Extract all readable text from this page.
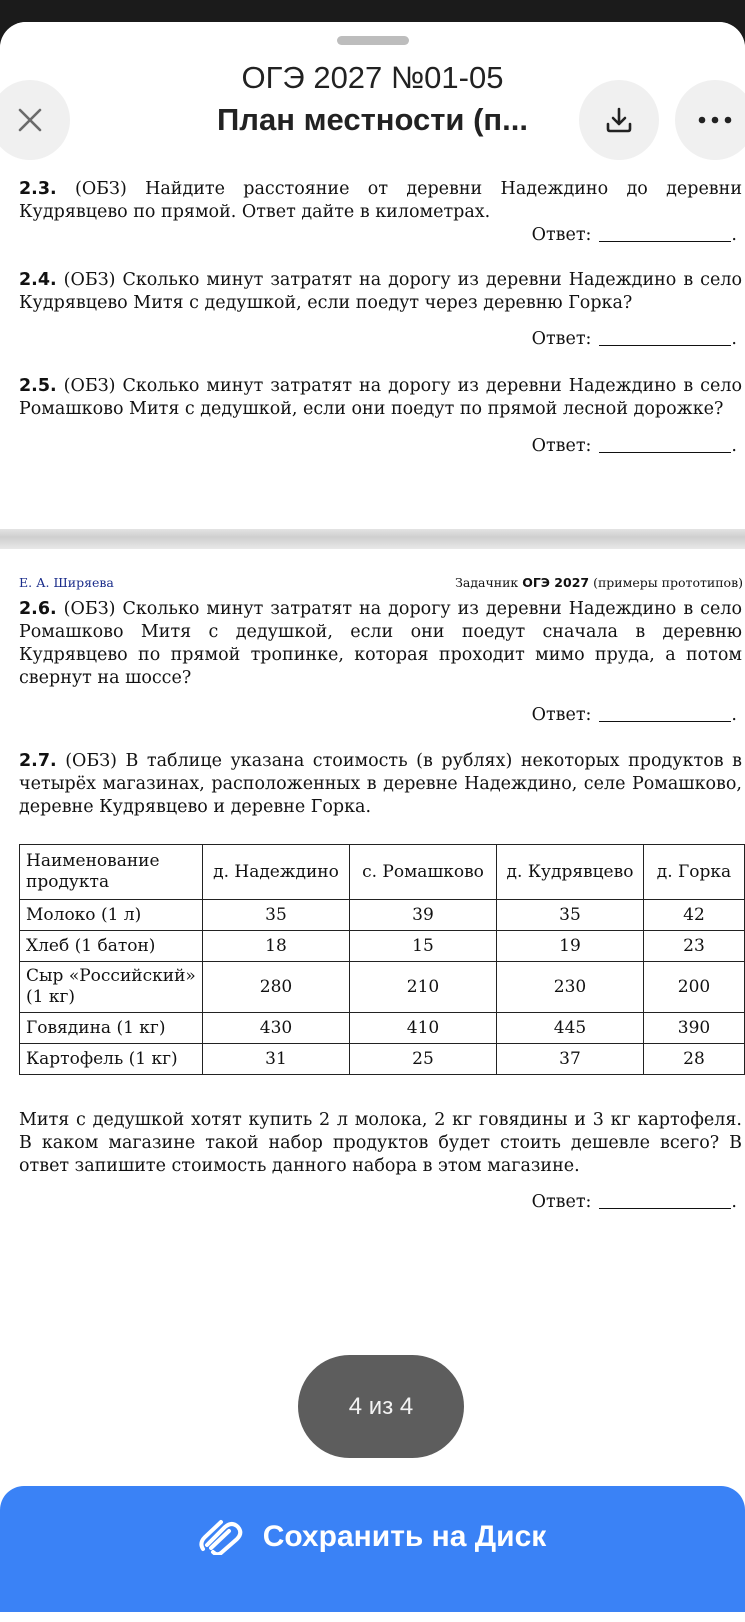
ОГЭ 2027 №01-05
План местности (п...
2.3. (ОБЗ) Найдите расстояние от деревни Надеждино до деревни Кудрявцево по прямой. Ответ дайте в километрах.
Ответ:	.
2.4. (ОБЗ) Сколько минут затратят на дорогу из деревни Надеждино в село Кудрявцево Митя с дедушкой, если поедут через деревню Горка?
Ответ:	.
2.5. (ОБЗ) Сколько минут затратят на дорогу из деревни Надеждино в село Ромашково Митя с дедушкой, если они поедут по прямой лесной дорожке?
Ответ:	.
Е. А. Ширяева	Задачник ОГЭ 2027 (примеры прототипов)
2.6. (ОБЗ) Сколько минут затратят на дорогу из деревни Надеждино в село Ромашково Митя с дедушкой, если они поедут сначала в деревню Кудрявцево по прямой тропинке, которая проходит мимо пруда, а потом свернут на шоссе?
Ответ:	.
2.7. (ОБЗ) В таблице указана стоимость (в рублях) некоторых продуктов в четырёх магазинах, расположенных в деревне Надеждино, селе Ромашково, деревне Кудрявцево и деревне Горка.
Наименование продукта	д. Надеждино	с. Ромашково	д. Кудрявцево	д. Горка
Молоко (1 л)	35	39	35	42
Хлеб (1 батон)	18	15	19	23
Сыр «Российский» (1 кг)	280	210	230	200
Говядина (1 кг)	430	410	445	390
Картофель (1 кг)	31	25	37	28
Митя с дедушкой хотят купить 2 л молока, 2 кг говядины и 3 кг картофеля. В каком магазине такой набор продуктов будет стоить дешевле всего? В ответ запишите стоимость данного набора в этом магазине.
Ответ:	.
4 из 4
Сохранить на Диск
